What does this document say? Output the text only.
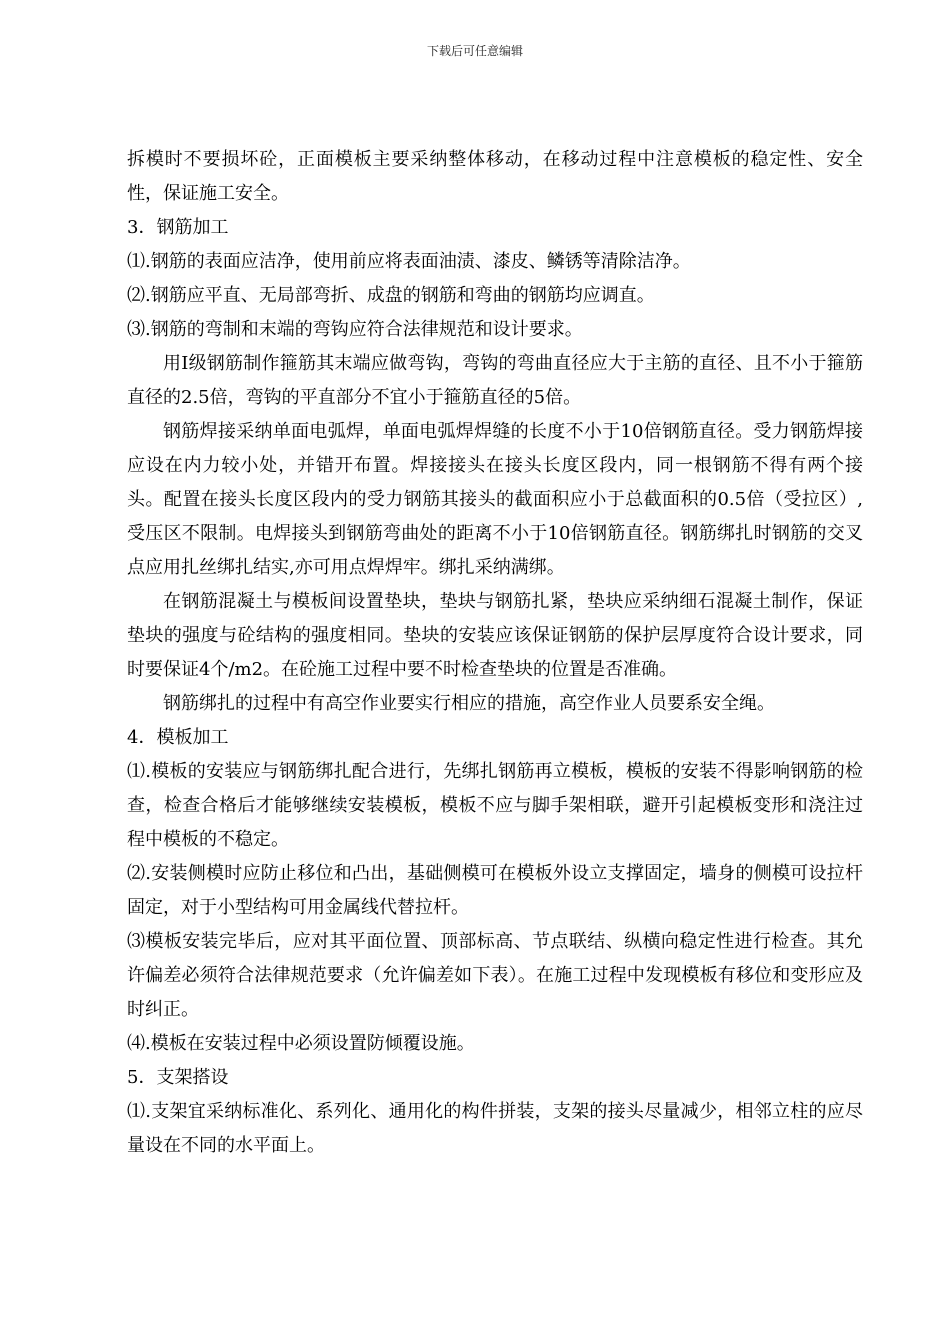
下载后可任意编辑

拆模时不要损坏砼，正面模板主要采纳整体移动，在移动过程中注意模板的稳定性、安全性，保证施工安全。

3．钢筋加工

⑴.钢筋的表面应洁净，使用前应将表面油渍、漆皮、鳞锈等清除洁净。

⑵.钢筋应平直、无局部弯折、成盘的钢筋和弯曲的钢筋均应调直。

⑶.钢筋的弯制和末端的弯钩应符合法律规范和设计要求。

用I级钢筋制作箍筋其末端应做弯钩，弯钩的弯曲直径应大于主筋的直径、且不小于箍筋直径的2.5倍，弯钩的平直部分不宜小于箍筋直径的5倍。

钢筋焊接采纳单面电弧焊，单面电弧焊焊缝的长度不小于10倍钢筋直径。受力钢筋焊接应设在内力较小处，并错开布置。焊接接头在接头长度区段内，同一根钢筋不得有两个接头。配置在接头长度区段内的受力钢筋其接头的截面积应小于总截面积的0.5倍（受拉区）,受压区不限制。电焊接头到钢筋弯曲处的距离不小于10倍钢筋直径。钢筋绑扎时钢筋的交叉点应用扎丝绑扎结实,亦可用点焊焊牢。绑扎采纳满绑。

在钢筋混凝土与模板间设置垫块，垫块与钢筋扎紧，垫块应采纳细石混凝土制作，保证垫块的强度与砼结构的强度相同。垫块的安装应该保证钢筋的保护层厚度符合设计要求，同时要保证4个/m2。在砼施工过程中要不时检查垫块的位置是否准确。

钢筋绑扎的过程中有高空作业要实行相应的措施，高空作业人员要系安全绳。

4．模板加工

⑴.模板的安装应与钢筋绑扎配合进行，先绑扎钢筋再立模板，模板的安装不得影响钢筋的检查，检查合格后才能够继续安装模板，模板不应与脚手架相联，避开引起模板变形和浇注过程中模板的不稳定。

⑵.安装侧模时应防止移位和凸出，基础侧模可在模板外设立支撑固定，墙身的侧模可设拉杆固定，对于小型结构可用金属线代替拉杆。

⑶模板安装完毕后，应对其平面位置、顶部标高、节点联结、纵横向稳定性进行检查。其允许偏差必须符合法律规范要求（允许偏差如下表）。在施工过程中发现模板有移位和变形应及时纠正。

⑷.模板在安装过程中必须设置防倾覆设施。

5．支架搭设

⑴.支架宜采纳标准化、系列化、通用化的构件拼装，支架的接头尽量减少，相邻立柱的应尽量设在不同的水平面上。
